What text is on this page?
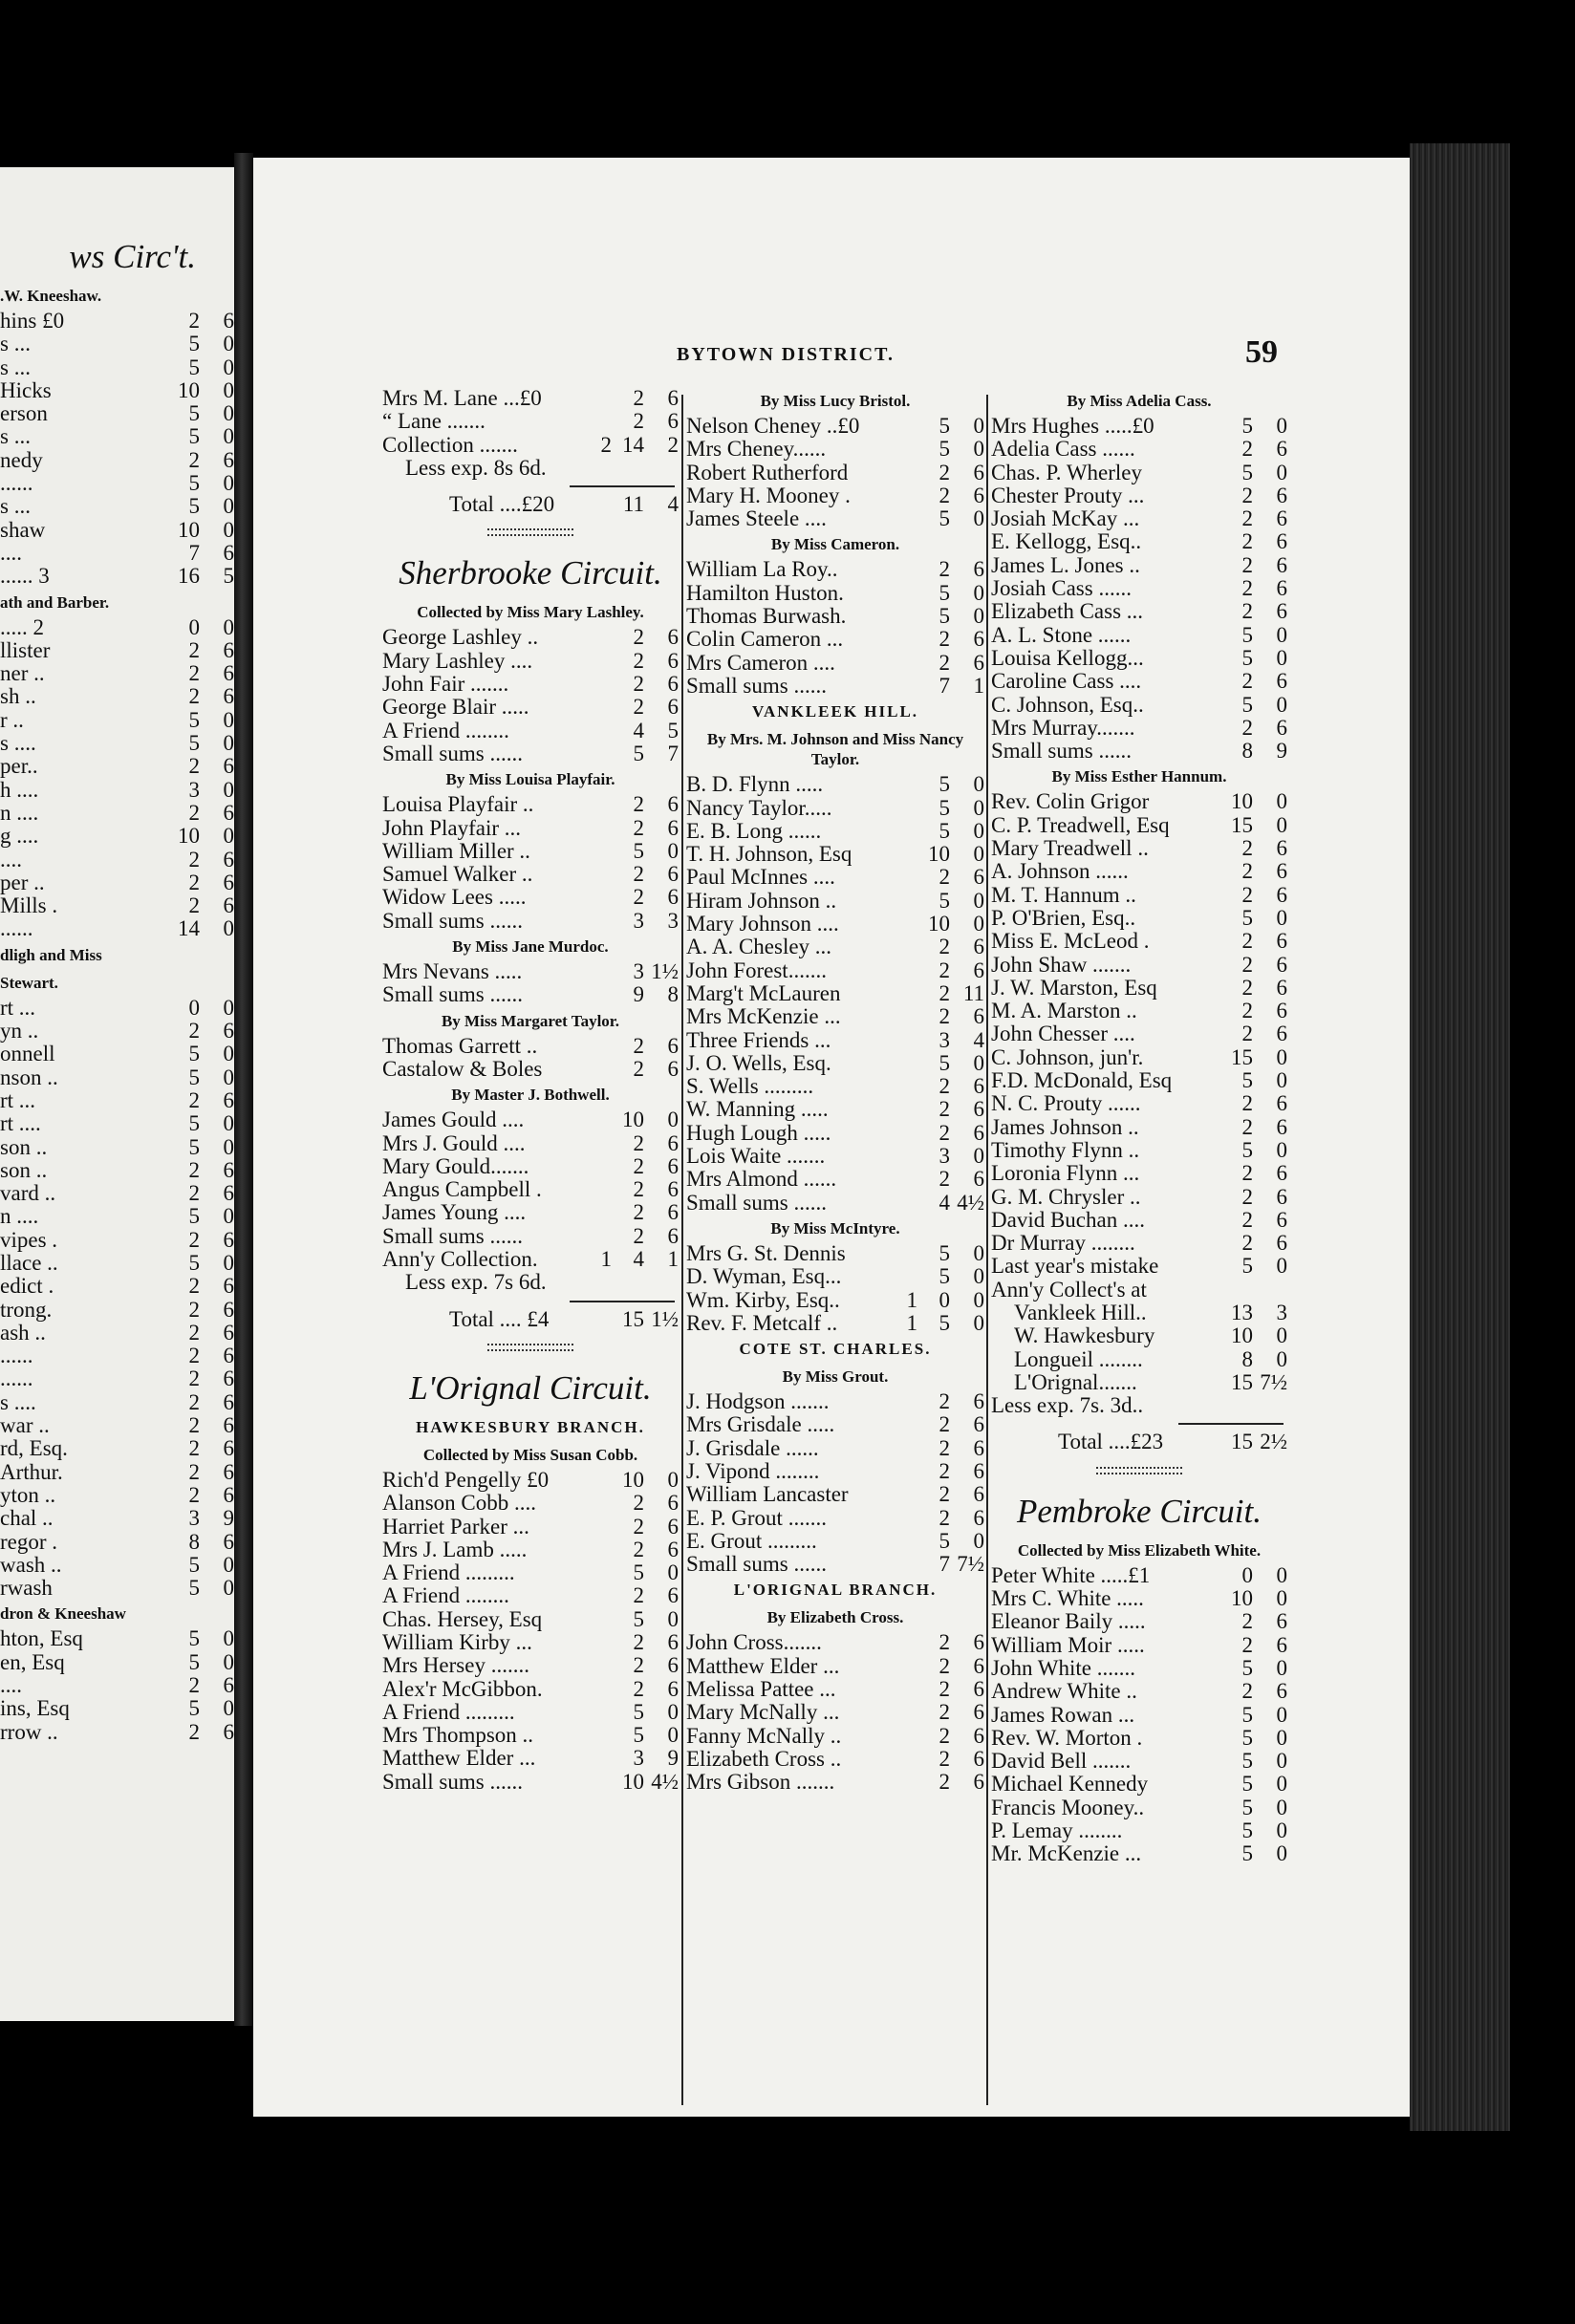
ws Circ't.
.W. Kneeshaw.
hins £0	2	6
s ...	5	0
s ...	5	0
Hicks	10	0
erson	5	0
s ...	5	0
nedy	2	6
......	5	0
s ...	5	0
shaw	10	0
....	7	6
...... 3	16	5
ath and Barber.
..... 2	0	0
llister	2	6
ner ..	2	6
sh ..	2	6
r ..	5	0
s ....	5	0
per..	2	6
h ....	3	0
n ....	2	6
g ....	10	0
....	2	6
per ..	2	6
Mills .	2	6
......	14	0
dligh and Miss
Stewart.
rt ...	0	0
yn ..	2	6
onnell	5	0
nson ..	5	0
rt ...	2	6
rt ....	5	0
son ..	5	0
son ..	2	6
vard ..	2	6
n ....	5	0
vipes .	2	6
llace ..	5	0
edict .	2	6
trong.	2	6
ash ..	2	6
......	2	6
......	2	6
s ....	2	6
war ..	2	6
rd, Esq.	2	6
Arthur.	2	6
yton ..	2	6
chal ..	3	9
regor .	8	6
wash ..	5	0
rwash	5	0
dron & Kneeshaw
hton, Esq	5	0
en, Esq	5	0
....	2	6
ins, Esq	5	0
rrow ..	2	6
59
BYTOWN DISTRICT.
Mrs M. Lane ...£0	2	6
“ Lane .......	2	6
Collection .......	2 14	2
Less exp. 8s 6d.
Total ....£20	11	4
Sherbrooke Circuit.
Collected by Miss Mary Lashley.
George Lashley ..	2	6
Mary Lashley ....	2	6
John Fair .......	2	6
George Blair .....	2	6
A Friend ........	4	5
Small sums ......	5	7
By Miss Louisa Playfair.
Louisa Playfair ..	2	6
John Playfair ...	2	6
William Miller ..	5	0
Samuel Walker ..	2	6
Widow Lees .....	2	6
Small sums ......	3	3
By Miss Jane Murdoc.
Mrs Nevans .....	3 1½
Small sums ......	9	8
By Miss Margaret Taylor.
Thomas Garrett ..	2	6
Castalow & Boles	2	6
By Master J. Bothwell.
James Gould ....	10	0
Mrs J. Gould ....	2	6
Mary Gould.......	2	6
Angus Campbell .	2	6
James Young ....	2	6
Small sums ......	2	6
Ann'y Collection.	1 4	1
Less exp. 7s 6d.
Total .... £4	15 1½
L'Orignal Circuit.
HAWKESBURY BRANCH.
Collected by Miss Susan Cobb.
Rich'd Pengelly £0	10	0
Alanson Cobb ....	2	6
Harriet Parker ...	2	6
Mrs J. Lamb .....	2	6
A Friend .........	5	0
A Friend ........	2	6
Chas. Hersey, Esq	5	0
William Kirby ...	2	6
Mrs Hersey .......	2	6
Alex'r McGibbon.	2	6
A Friend .........	5	0
Mrs Thompson ..	5	0
Matthew Elder ...	3	9
Small sums ......	10 4½
By Miss Lucy Bristol.
Nelson Cheney ..£0	5	0
Mrs Cheney......	5	0
Robert Rutherford	2	6
Mary H. Mooney .	2	6
James Steele ....	5	0
By Miss Cameron.
William La Roy..	2	6
Hamilton Huston.	5	0
Thomas Burwash.	5	0
Colin Cameron ...	2	6
Mrs Cameron ....	2	6
Small sums ......	7	1
VANKLEEK HILL.
By Mrs. M. Johnson and Miss Nancy Taylor.
B. D. Flynn .....	5	0
Nancy Taylor.....	5	0
E. B. Long ......	5	0
T. H. Johnson, Esq	10	0
Paul McInnes ....	2	6
Hiram Johnson ..	5	0
Mary Johnson ....	10	0
A. A. Chesley ...	2	6
John Forest.......	2	6
Marg't McLauren	2 11
Mrs McKenzie ...	2	6
Three Friends ...	3	4
J. O. Wells, Esq.	5	0
S. Wells .........	2	6
W. Manning .....	2	6
Hugh Lough .....	2	6
Lois Waite .......	3	0
Mrs Almond ......	2	6
Small sums ......	4 4½
By Miss McIntyre.
Mrs G. St. Dennis	5	0
D. Wyman, Esq...	5	0
Wm. Kirby, Esq..	1 0	0
Rev. F. Metcalf ..	1 5	0
COTE ST. CHARLES.
By Miss Grout.
J. Hodgson .......	2	6
Mrs Grisdale .....	2	6
J. Grisdale ......	2	6
J. Vipond ........	2	6
William Lancaster	2	6
E. P. Grout .......	2	6
E. Grout .........	5	0
Small sums ......	7 7½
L'ORIGNAL BRANCH.
By Elizabeth Cross.
John Cross.......	2	6
Matthew Elder ...	2	6
Melissa Pattee ...	2	6
Mary McNally ...	2	6
Fanny McNally ..	2	6
Elizabeth Cross ..	2	6
Mrs Gibson .......	2	6
By Miss Adelia Cass.
Mrs Hughes .....£0	5	0
Adelia Cass ......	2	6
Chas. P. Wherley	5	0
Chester Prouty ...	2	6
Josiah McKay ...	2	6
E. Kellogg, Esq..	2	6
James L. Jones ..	2	6
Josiah Cass ......	2	6
Elizabeth Cass ...	2	6
A. L. Stone ......	5	0
Louisa Kellogg...	5	0
Caroline Cass ....	2	6
C. Johnson, Esq..	5	0
Mrs Murray.......	2	6
Small sums ......	8	9
By Miss Esther Hannum.
Rev. Colin Grigor	10	0
C. P. Treadwell, Esq	15	0
Mary Treadwell ..	2	6
A. Johnson ......	2	6
M. T. Hannum ..	2	6
P. O'Brien, Esq..	5	0
Miss E. McLeod .	2	6
John Shaw .......	2	6
J. W. Marston, Esq	2	6
M. A. Marston ..	2	6
John Chesser ....	2	6
C. Johnson, jun'r.	15	0
F.D. McDonald, Esq	5	0
N. C. Prouty ......	2	6
James Johnson ..	2	6
Timothy Flynn ..	5	0
Loronia Flynn ...	2	6
G. M. Chrysler ..	2	6
David Buchan ....	2	6
Dr Murray ........	2	6
Last year's mistake	5	0
Ann'y Collect's at
Vankleek Hill..	13	3
W. Hawkesbury	10	0
Longueil ........	8	0
L'Orignal.......	15 7½
Less exp. 7s. 3d..
Total ....£23	15 2½
Pembroke Circuit.
Collected by Miss Elizabeth White.
Peter White .....£1	0	0
Mrs C. White .....	10	0
Eleanor Baily .....	2	6
William Moir .....	2	6
John White .......	5	0
Andrew White ..	2	6
James Rowan ...	5	0
Rev. W. Morton .	5	0
David Bell .......	5	0
Michael Kennedy	5	0
Francis Mooney..	5	0
P. Lemay ........	5	0
Mr. McKenzie ...	5	0
